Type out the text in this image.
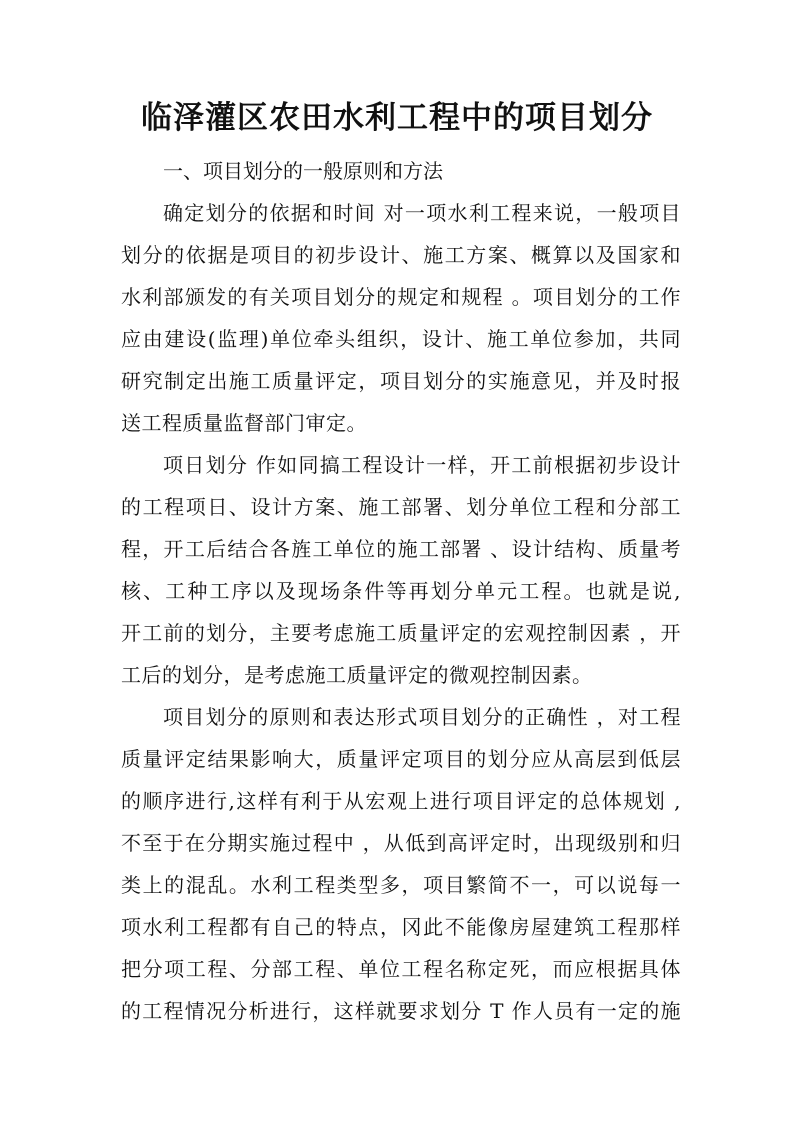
临泽灌区农田水利工程中的项目划分
一、项目划分的一般原则和方法
确定划分的依据和时间 对一项水利工程来说，一般项目
划分的依据是项目的初步设计、施工方案、概算以及国家和
水利部颁发的有关项目划分的规定和规程 。项目划分的工作
应由建设(监理)单位牵头组织，设计、施工单位参加，共同
研究制定出施工质量评定，项目划分的实施意见，并及时报
送工程质量监督部门审定。
项日划分 作如同搞工程设计一样，开工前根据初步设计
的工程项日、设计方案、施工部署、划分单位工程和分部工
程，开工后结合各旌工单位的施工部署 、设计结构、质量考
核、工种工序以及现场条件等再划分单元工程。也就是说,
开工前的划分，主要考虑施工质量评定的宏观控制因素 ，开
工后的划分，是考虑施工质量评定的微观控制因素。
项目划分的原则和表达形式项目划分的正确性 ，对工程
质量评定结果影响大，质量评定项目的划分应从高层到低层
的顺序进行,这样有利于从宏观上进行项目评定的总体规划 ,
不至于在分期实施过程中 ，从低到高评定时，出现级别和归
类上的混乱。水利工程类型多，项目繁简不一，可以说每一
项水利工程都有自己的特点，冈此不能像房屋建筑工程那样
把分项工程、分部工程、单位工程名称定死，而应根据具体
的工程情况分析进行，这样就要求划分 T 作人员有一定的施
